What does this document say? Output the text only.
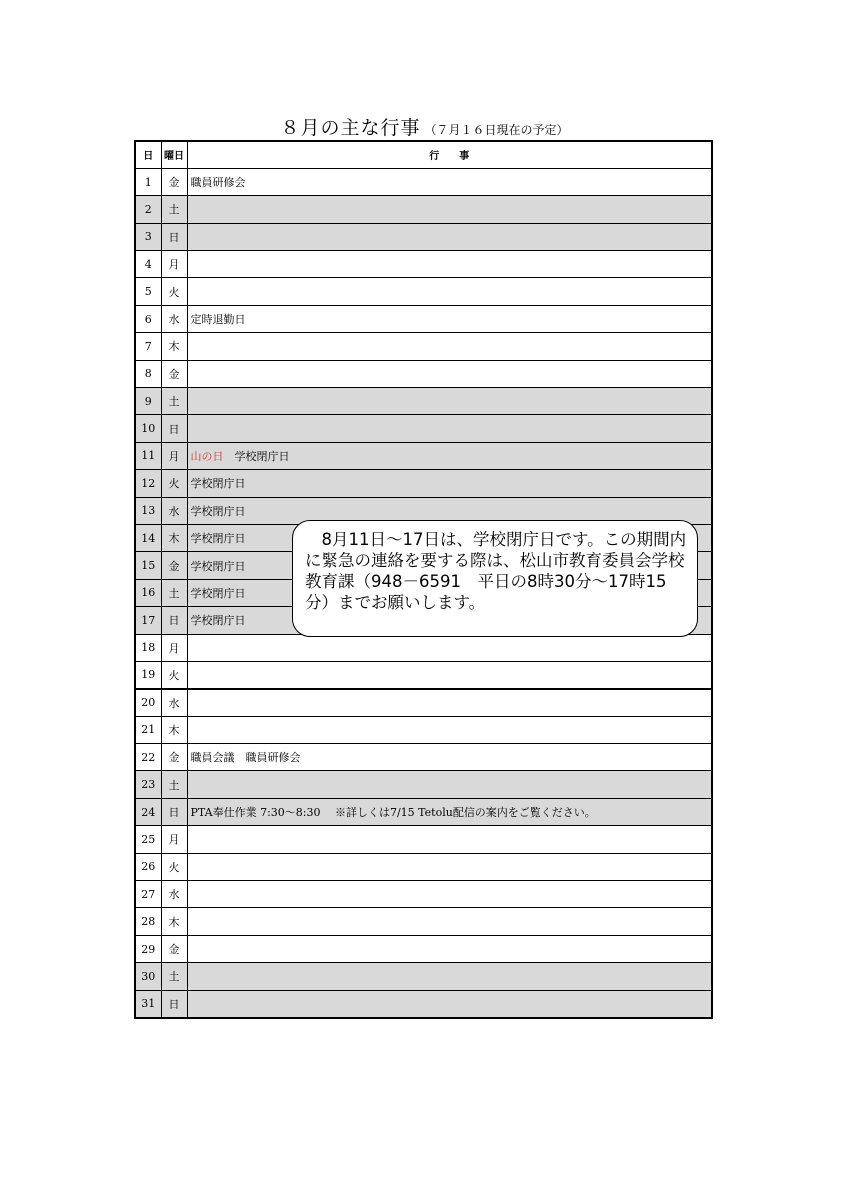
８月の主な行事 （７月１６日現在の予定）
日	曜日	行　　事
1	金	職員研修会
2	土	
3	日	
4	月	
5	火	
6	水	定時退勤日
7	木	
8	金	
9	土	
10	日	
11	月	山の日　学校閉庁日
12	火	学校閉庁日
13	水	学校閉庁日
14	木	学校閉庁日
15	金	学校閉庁日
16	土	学校閉庁日
17	日	学校閉庁日
18	月	
19	火	
20	水	
21	木	
22	金	職員会議　職員研修会
23	土	
24	日	PTA奉仕作業 7:30～8:30　 ※詳しくは7/15 Tetolu配信の案内をご覧ください。
25	月	
26	火	
27	水	
28	木	
29	金	
30	土	
31	日	
8月11日～17日は、学校閉庁日です。この期間内に緊急の連絡を要する際は、松山市教育委員会学校教育課（948－6591　平日の8時30分～17時15分）までお願いします。
